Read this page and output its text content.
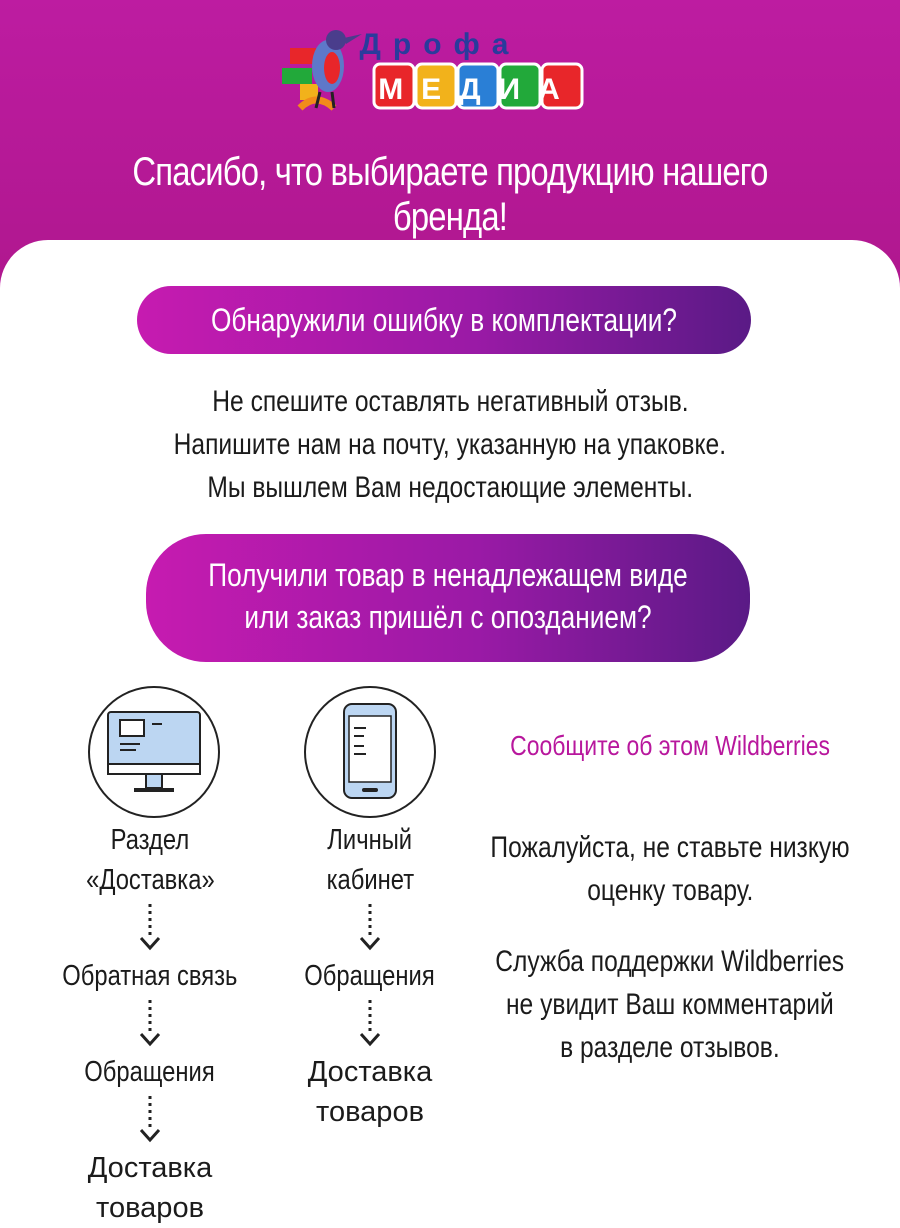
Дрофа
МЕДИА
Спасибо, что выбираете продукцию нашего бренда!
Обнаружили ошибку в комплектации?
Не спешите оставлять негативный отзыв.
Напишите нам на почту, указанную на упаковке.
Мы вышлем Вам недостающие элементы.
Получили товар в ненадлежащем виде
или заказ пришёл с опозданием?
Раздел
«Доставка»
Обратная связь
Обращения
Доставка товаров
Личный
кабинет
Обращения
Доставка товаров
Сообщите об этом Wildberries
Пожалуйста, не ставьте низкую
оценку товару.
Служба поддержки Wildberries
не увидит Ваш комментарий
в разделе отзывов.
